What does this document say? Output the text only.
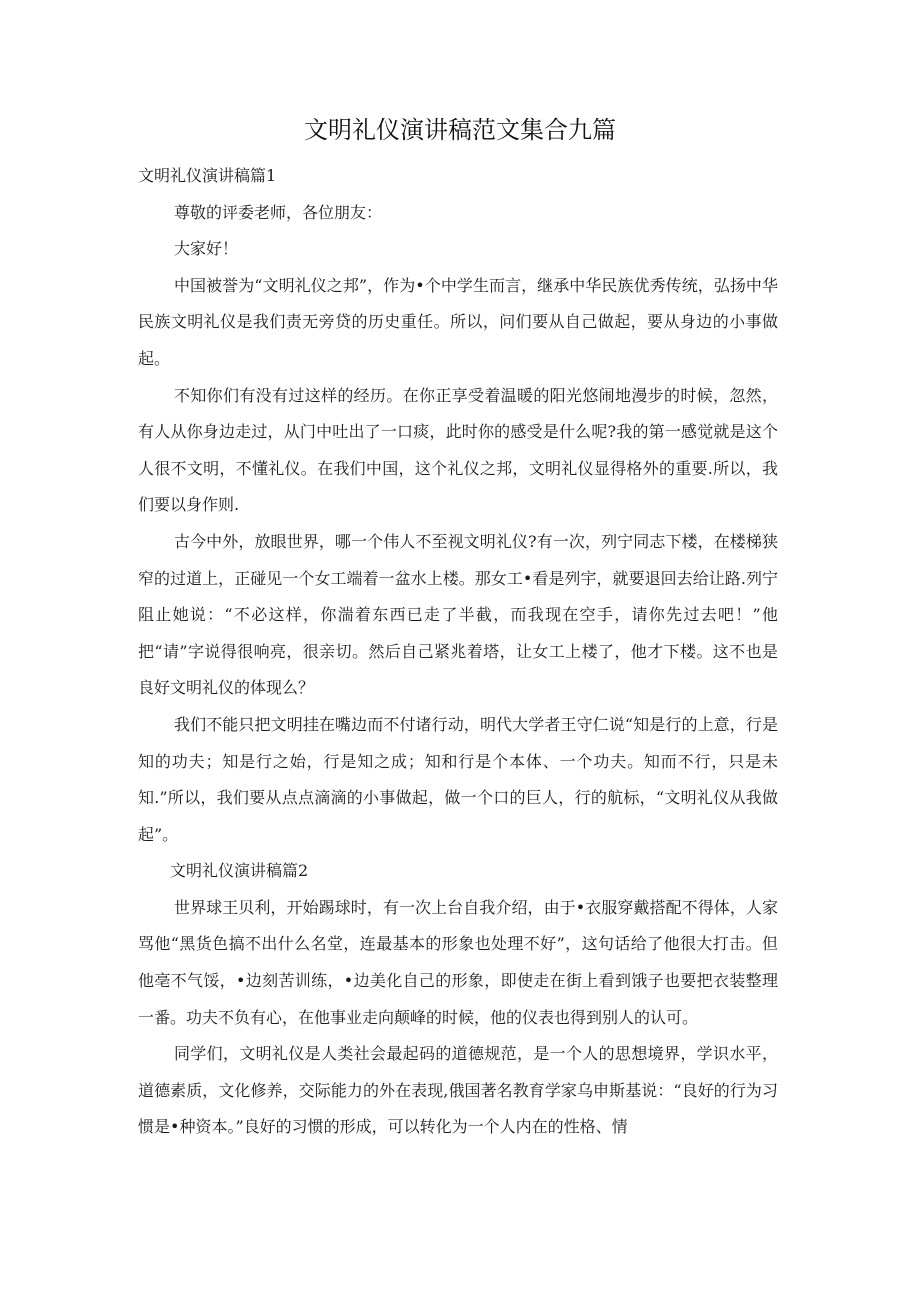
文明礼仪演讲稿范文集合九篇

文明礼仪演讲稿篇1

尊敬的评委老师，各位朋友：

大家好！

中国被誉为“文明礼仪之邦”，作为•个中学生而言，继承中华民族优秀传统，弘扬中华民族文明礼仪是我们责无旁贷的历史重任。所以，问们要从自己做起，要从身边的小事做起。

不知你们有没有过这样的经历。在你正享受着温暖的阳光悠闹地漫步的时候，忽然，有人从你身边走过，从门中吐出了一口痰，此时你的感受是什么呢?我的第一感觉就是这个人很不文明，不懂礼仪。在我们中国，这个礼仪之邦，文明礼仪显得格外的重要.所以，我们要以身作则.

古今中外，放眼世界，哪一个伟人不至视文明礼仪?有一次，列宁同志下楼，在楼梯狭窄的过道上，正碰见一个女工端着一盆水上楼。那女工•看是列宇，就要退回去给让路.列宁阻止她说：“不必这样，你湍着东西已走了半截，而我现在空手，请你先过去吧！”他把“请”字说得很响亮，很亲切。然后自己紧兆着塔，让女工上楼了，他才下楼。这不也是良好文明礼仪的体现么？

我们不能只把文明挂在嘴边而不付诸行动，明代大学者王守仁说“知是行的上意，行是知的功夫；知是行之始，行是知之成；知和行是个本体、一个功夫。知而不行，只是未知.”所以，我们要从点点滴滴的小事做起，做一个口的巨人，行的航标，“文明礼仪从我做起”。

文明礼仪演讲稿篇2

世界球王贝利，开始踢球时，有一次上台自我介绍，由于•衣服穿戴搭配不得体，人家骂他“黑货色搞不出什么名堂，连最基本的形象也处理不好”，这句话给了他很大打击。但他亳不气馁，•边刻苦训练，•边美化自己的形象，即使走在街上看到饿子也要把衣装整理一番。功夫不负有心，在他事业走向颠峰的时候，他的仪表也得到别人的认可。

同学们，文明礼仪是人类社会最起码的道德规范，是一个人的思想境界，学识水平，道德素质，文化修养，交际能力的外在表现,俄国著名教育学家乌申斯基说：“良好的行为习惯是•种资本。”良好的习惯的形成，可以转化为一个人内在的性格、情
